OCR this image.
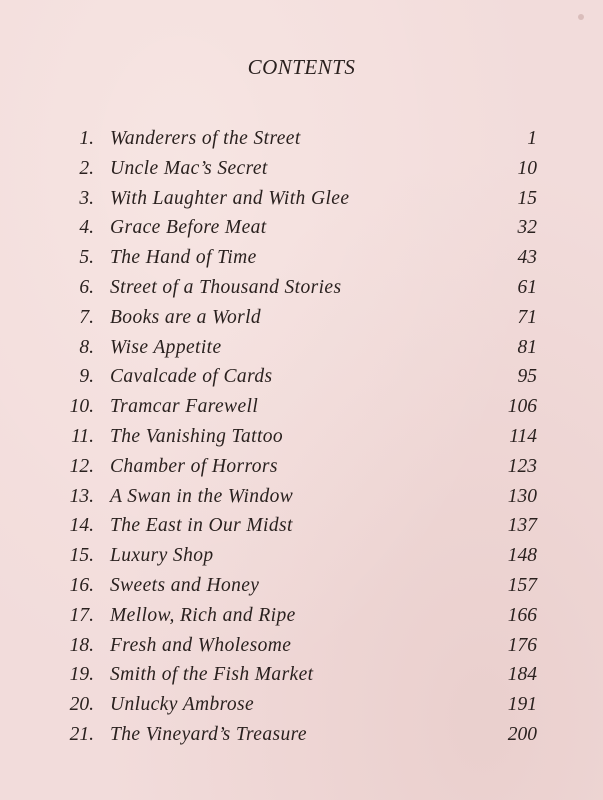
CONTENTS
1. Wanderers of the Street	1
2. Uncle Mac’s Secret	10
3. With Laughter and With Glee	15
4. Grace Before Meat	32
5. The Hand of Time	43
6. Street of a Thousand Stories	61
7. Books are a World	71
8. Wise Appetite	81
9. Cavalcade of Cards	95
10. Tramcar Farewell	106
11. The Vanishing Tattoo	114
12. Chamber of Horrors	123
13. A Swan in the Window	130
14. The East in Our Midst	137
15. Luxury Shop	148
16. Sweets and Honey	157
17. Mellow, Rich and Ripe	166
18. Fresh and Wholesome	176
19. Smith of the Fish Market	184
20. Unlucky Ambrose	191
21. The Vineyard’s Treasure	200
